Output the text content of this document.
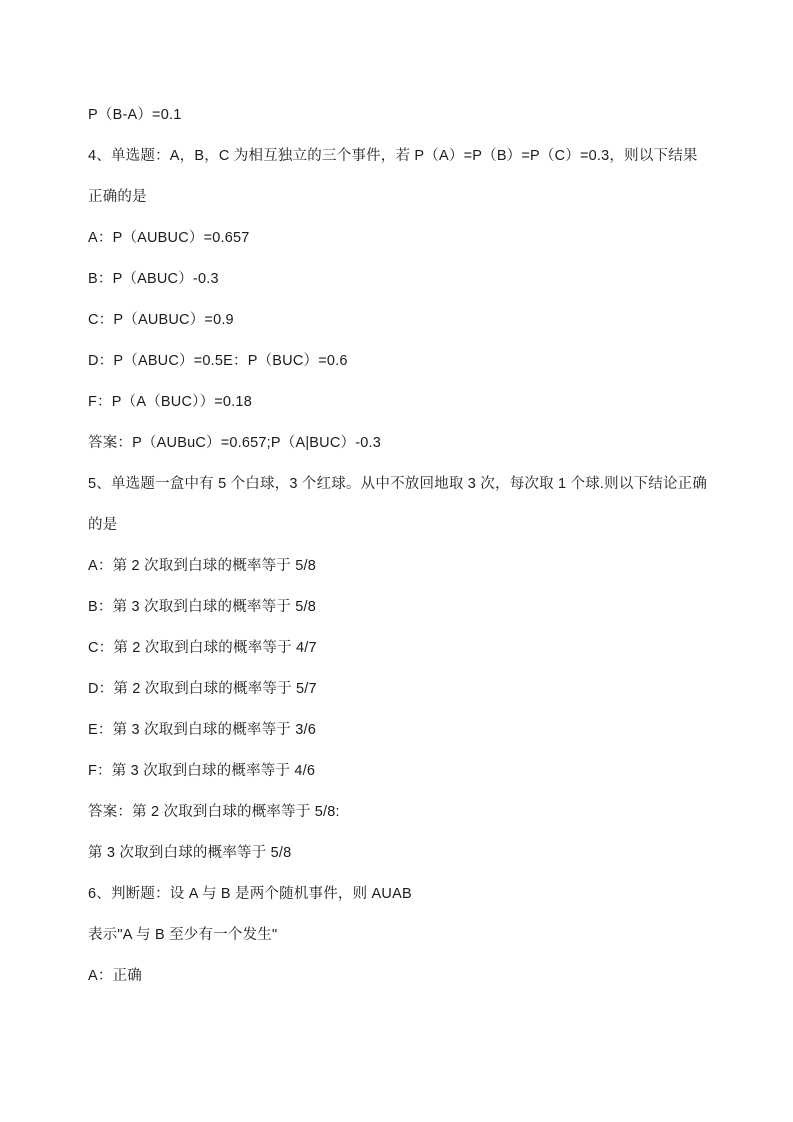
P（B-A）=0.1
4、单选题：A，B，C 为相互独立的三个事件，若 P（A）=P（B）=P（C）=0.3，则以下结果
正确的是
A：P（AUBUC）=0.657
B：P（ABUC）-0.3
C：P（AUBUC）=0.9
D：P（ABUC）=0.5E：P（BUC）=0.6
F：P（A（BUC））=0.18
答案：P（AUBuC）=0.657;P（A|BUC）-0.3
5、单选题一盒中有 5 个白球，3 个红球。从中不放回地取 3 次，每次取 1 个球.则以下结论正确
的是
A：第 2 次取到白球的概率等于 5/8
B：第 3 次取到白球的概率等于 5/8
C：第 2 次取到白球的概率等于 4/7
D：第 2 次取到白球的概率等于 5/7
E：第 3 次取到白球的概率等于 3/6
F：第 3 次取到白球的概率等于 4/6
答案：第 2 次取到白球的概率等于 5/8:
第 3 次取到白球的概率等于 5/8
6、判断题：设 A 与 B 是两个随机事件，则 AUAB
表示"A 与 B 至少有一个发生"
A：正确
